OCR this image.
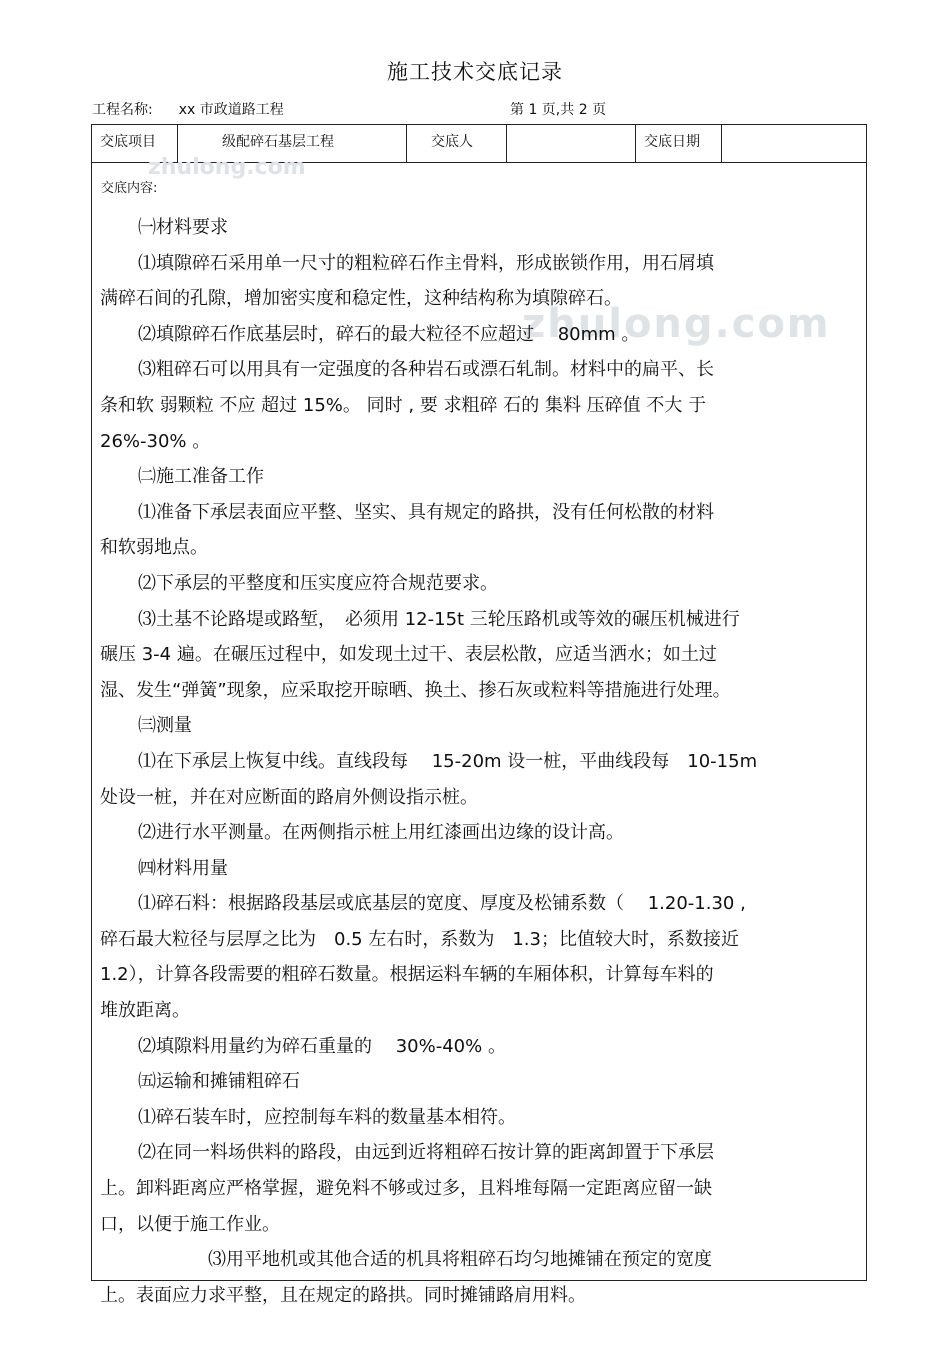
施工技术交底记录
工程名称: xx 市政道路工程	第 1 页,共 2 页
交底项目	级配碎石基层工程	交底人	交底日期
zhulong.com
zhulong.com
交底内容:
㈠材料要求
⑴填隙碎石采用单一尺寸的粗粒碎石作主骨料，形成嵌锁作用，用石屑填
满碎石间的孔隙，增加密实度和稳定性，这种结构称为填隙碎石。
⑵填隙碎石作底基层时，碎石的最大粒径不应超过　 80mm 。
⑶粗碎石可以用具有一定强度的各种岩石或漂石轧制。材料中的扁平、长
条和软 弱颗粒 不应 超过 15%。 同时 , 要 求粗碎 石的 集料 压碎值 不大 于
26%-30% 。
㈡施工准备工作
⑴准备下承层表面应平整、坚实、具有规定的路拱，没有任何松散的材料
和软弱地点。
⑵下承层的平整度和压实度应符合规范要求。
⑶土基不论路堤或路堑，　必须用 12-15t 三轮压路机或等效的碾压机械进行
碾压 3-4 遍。在碾压过程中，如发现土过干、表层松散，应适当洒水；如土过
湿、发生“弹簧”现象，应采取挖开晾晒、换土、掺石灰或粒料等措施进行处理。
㈢测量
⑴在下承层上恢复中线。直线段每　 15-20m 设一桩，平曲线段每　10-15m
处设一桩，并在对应断面的路肩外侧设指示桩。
⑵进行水平测量。在两侧指示桩上用红漆画出边缘的设计高。
㈣材料用量
⑴碎石料：根据路段基层或底基层的宽度、厚度及松铺系数（　 1.20-1.30 ,
碎石最大粒径与层厚之比为　0.5 左右时，系数为　1.3；比值较大时，系数接近
1.2），计算各段需要的粗碎石数量。根据运料车辆的车厢体积，计算每车料的
堆放距离。
⑵填隙料用量约为碎石重量的　 30%-40% 。
㈤运输和摊铺粗碎石
⑴碎石装车时，应控制每车料的数量基本相符。
⑵在同一料场供料的路段，由远到近将粗碎石按计算的距离卸置于下承层
上。卸料距离应严格掌握，避免料不够或过多，且料堆每隔一定距离应留一缺
口，以便于施工作业。
⑶用平地机或其他合适的机具将粗碎石均匀地摊铺在预定的宽度
上。表面应力求平整，且在规定的路拱。同时摊铺路肩用料。
